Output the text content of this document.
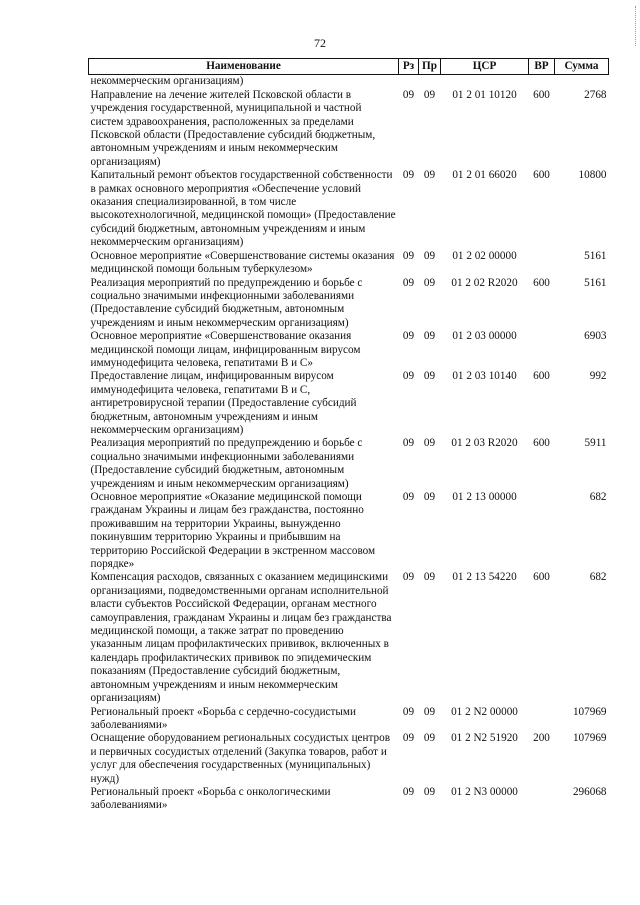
72
Наименование	Рз	Пр	ЦСР	ВР	Сумма
некоммерческим организациям)					
Направление на лечение жителей Псковской области в учреждения государственной, муниципальной и частной систем здравоохранения, расположенных за пределами Псковской области (Предоставление субсидий бюджетным, автономным учреждениям и иным некоммерческим организациям)	09	09	01 2 01 10120	600	2768
Капитальный ремонт объектов государственной собственности в рамках основного мероприятия «Обеспечение условий оказания специализированной, в том числе высокотехнологичной, медицинской помощи» (Предоставление субсидий бюджетным, автономным учреждениям и иным некоммерческим организациям)	09	09	01 2 01 66020	600	10800
Основное мероприятие «Совершенствование системы оказания медицинской помощи больным туберкулезом»	09	09	01 2 02 00000		5161
Реализация мероприятий по предупреждению и борьбе с социально значимыми инфекционными заболеваниями (Предоставление субсидий бюджетным, автономным учреждениям и иным некоммерческим организациям)	09	09	01 2 02 R2020	600	5161
Основное мероприятие «Совершенствование оказания медицинской помощи лицам, инфицированным вирусом иммунодефицита человека, гепатитами В и С»	09	09	01 2 03 00000		6903
Предоставление лицам, инфицированным вирусом иммунодефицита человека, гепатитами В и С, антиретровирусной терапии (Предоставление субсидий бюджетным, автономным учреждениям и иным некоммерческим организациям)	09	09	01 2 03 10140	600	992
Реализация мероприятий по предупреждению и борьбе с социально значимыми инфекционными заболеваниями (Предоставление субсидий бюджетным, автономным учреждениям и иным некоммерческим организациям)	09	09	01 2 03 R2020	600	5911
Основное мероприятие «Оказание медицинской помощи гражданам Украины и лицам без гражданства, постоянно проживавшим на территории Украины, вынужденно покинувшим территорию Украины и прибывшим на территорию Российской Федерации в экстренном массовом порядке»	09	09	01 2 13 00000		682
Компенсация расходов, связанных с оказанием медицинскими организациями, подведомственными органам исполнительной власти субъектов Российской Федерации, органам местного самоуправления, гражданам Украины и лицам без гражданства медицинской помощи, а также затрат по проведению указанным лицам профилактических прививок, включенных в календарь профилактических прививок по эпидемическим показаниям (Предоставление субсидий бюджетным, автономным учреждениям и иным некоммерческим организациям)	09	09	01 2 13 54220	600	682
Региональный проект «Борьба с сердечно-сосудистыми заболеваниями»	09	09	01 2 N2 00000		107969
Оснащение оборудованием региональных сосудистых центров и первичных сосудистых отделений (Закупка товаров, работ и услуг для обеспечения государственных (муниципальных) нужд)	09	09	01 2 N2 51920	200	107969
Региональный проект «Борьба с онкологическими заболеваниями»	09	09	01 2 N3 00000		296068
